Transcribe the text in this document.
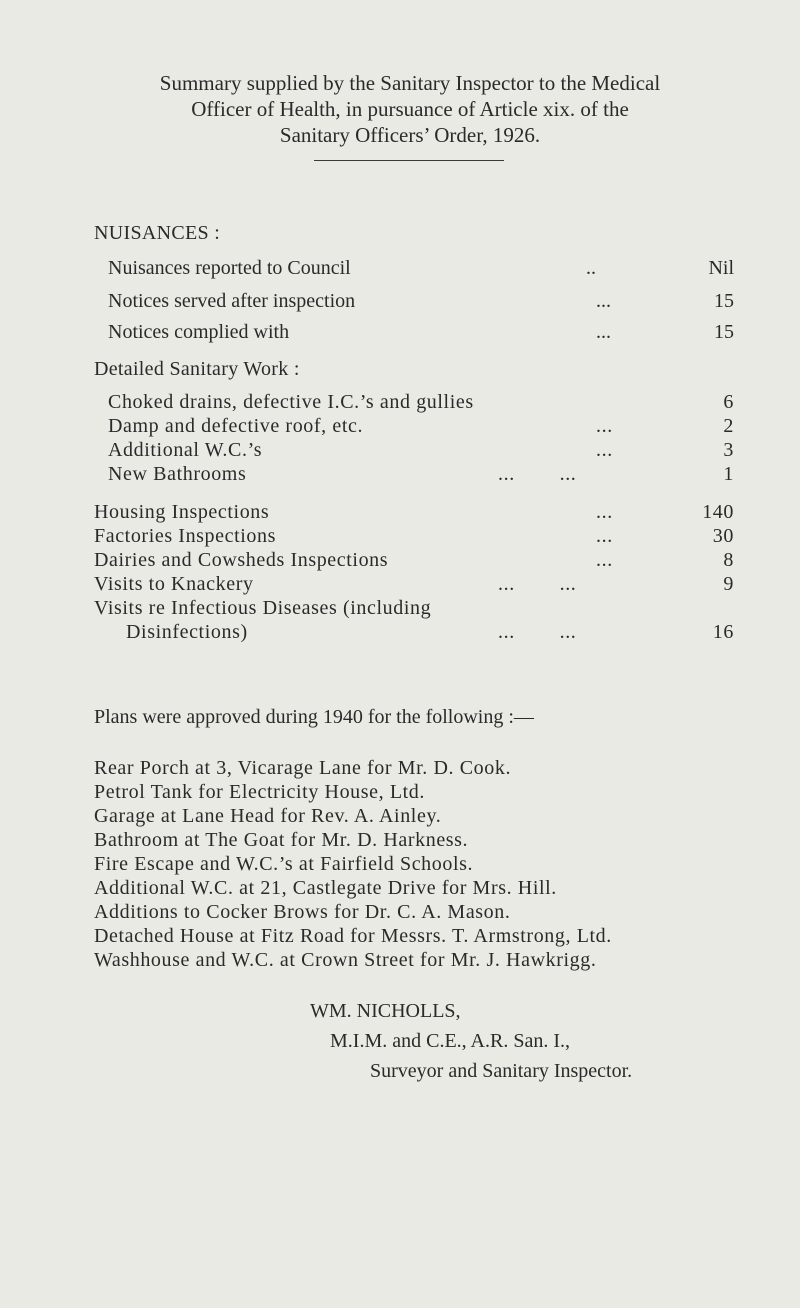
Summary supplied by the Sanitary Inspector to the Medical
Officer of Health, in pursuance of Article xix. of the
Sanitary Officers’ Order, 1926.
NUISANCES :
Nuisances reported to Council	..	Nil
Notices served after inspection	...	15
Notices complied with	...	15
Detailed Sanitary Work :
Choked drains, defective I.C.’s and gullies	6
Damp and defective roof, etc.	...	2
Additional W.C.’s	...	3
New Bathrooms	...        ...	1
Housing Inspections	...	140
Factories Inspections	...	30
Dairies and Cowsheds Inspections	...	8
Visits to Knackery	...        ...	9
Visits re Infectious Diseases (including
Disinfections)	...        ...	16
Plans were approved during 1940 for the following :—
Rear Porch at 3, Vicarage Lane for Mr. D. Cook.
Petrol Tank for Electricity House, Ltd.
Garage at Lane Head for Rev. A. Ainley.
Bathroom at The Goat for Mr. D. Harkness.
Fire Escape and W.C.’s at Fairfield Schools.
Additional W.C. at 21, Castlegate Drive for Mrs. Hill.
Additions to Cocker Brows for Dr. C. A. Mason.
Detached House at Fitz Road for Messrs. T. Armstrong, Ltd.
Washhouse and W.C. at Crown Street for Mr. J. Hawkrigg.
WM. NICHOLLS,
M.I.M. and C.E., A.R. San. I.,
Surveyor and Sanitary Inspector.
